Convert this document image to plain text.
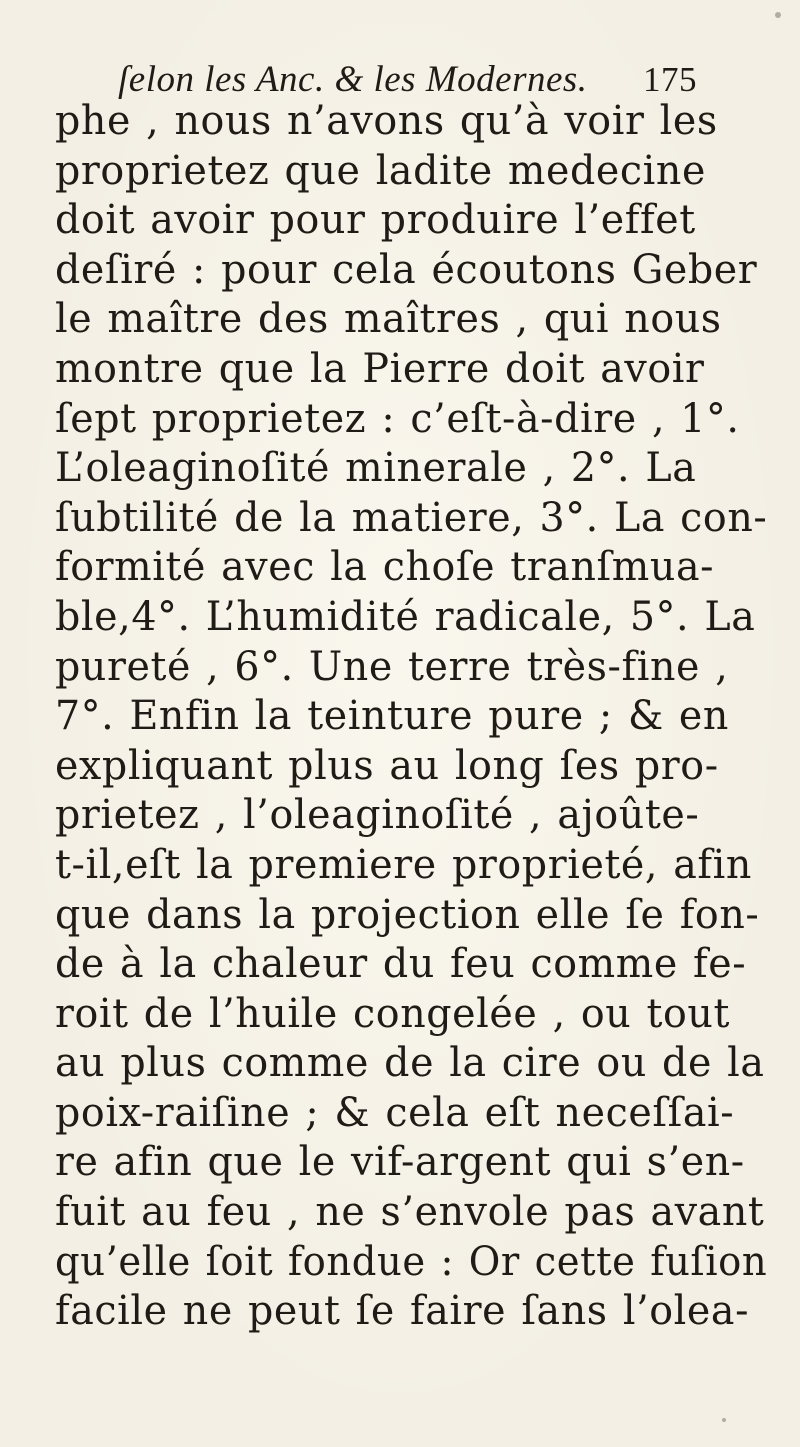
ſelon les Anc. & les Modernes. 175
phe , nous n’avons qu’à voir les
proprietez que ladite medecine
doit avoir pour produire l’effet
deſiré : pour cela écoutons Geber
le maître des maîtres , qui nous
montre que la Pierre doit avoir
ſept proprietez : c’eſt-à-dire , 1°.
L’oleaginoſité minerale , 2°. La
ſubtilité de la matiere, 3°. La con-
formité avec la choſe tranſmua-
ble,4°. L’humidité radicale, 5°. La
pureté , 6°. Une terre très-fine ,
7°. Enfin la teinture pure ; & en
expliquant plus au long ſes pro-
prietez , l’oleaginoſité , ajoûte-
t-il,eſt la premiere proprieté, afin
que dans la projection elle ſe fon-
de à la chaleur du feu comme fe-
roit de l’huile congelée , ou tout
au plus comme de la cire ou de la
poix-raiſine ; & cela eſt neceſſai-
re afin que le vif-argent qui s’en-
fuit au feu , ne s’envole pas avant
qu’elle ſoit fondue : Or cette fuſion
facile ne peut ſe faire ſans l’olea-
